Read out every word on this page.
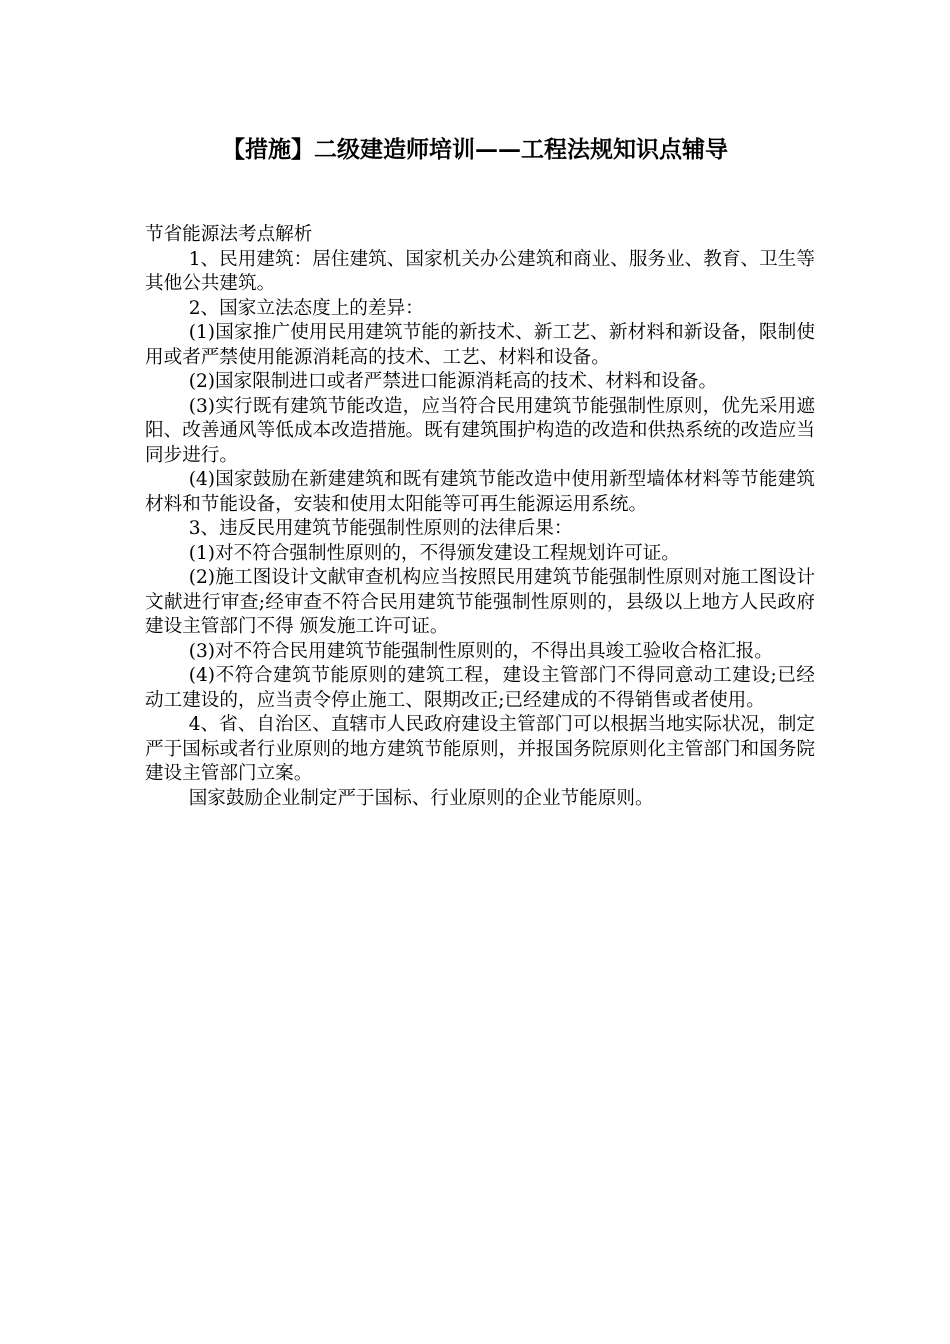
【措施】二级建造师培训——工程法规知识点辅导

节省能源法考点解析

1、民用建筑：居住建筑、国家机关办公建筑和商业、服务业、教育、卫生等其他公共建筑。

2、国家立法态度上的差异：

(1)国家推广使用民用建筑节能的新技术、新工艺、新材料和新设备，限制使用或者严禁使用能源消耗高的技术、工艺、材料和设备。

(2)国家限制进口或者严禁进口能源消耗高的技术、材料和设备。

(3)实行既有建筑节能改造，应当符合民用建筑节能强制性原则，优先采用遮阳、改善通风等低成本改造措施。既有建筑围护构造的改造和供热系统的改造应当同步进行。

(4)国家鼓励在新建建筑和既有建筑节能改造中使用新型墙体材料等节能建筑材料和节能设备，安装和使用太阳能等可再生能源运用系统。

3、违反民用建筑节能强制性原则的法律后果：

(1)对不符合强制性原则的，不得颁发建设工程规划许可证。

(2)施工图设计文献审查机构应当按照民用建筑节能强制性原则对施工图设计文献进行审查;经审查不符合民用建筑节能强制性原则的，县级以上地方人民政府建设主管部门不得 颁发施工许可证。

(3)对不符合民用建筑节能强制性原则的，不得出具竣工验收合格汇报。

(4)不符合建筑节能原则的建筑工程，建设主管部门不得同意动工建设;已经动工建设的，应当责令停止施工、限期改正;已经建成的不得销售或者使用。

4、省、自治区、直辖市人民政府建设主管部门可以根据当地实际状况，制定严于国标或者行业原则的地方建筑节能原则，并报国务院原则化主管部门和国务院建设主管部门立案。

国家鼓励企业制定严于国标、行业原则的企业节能原则。
